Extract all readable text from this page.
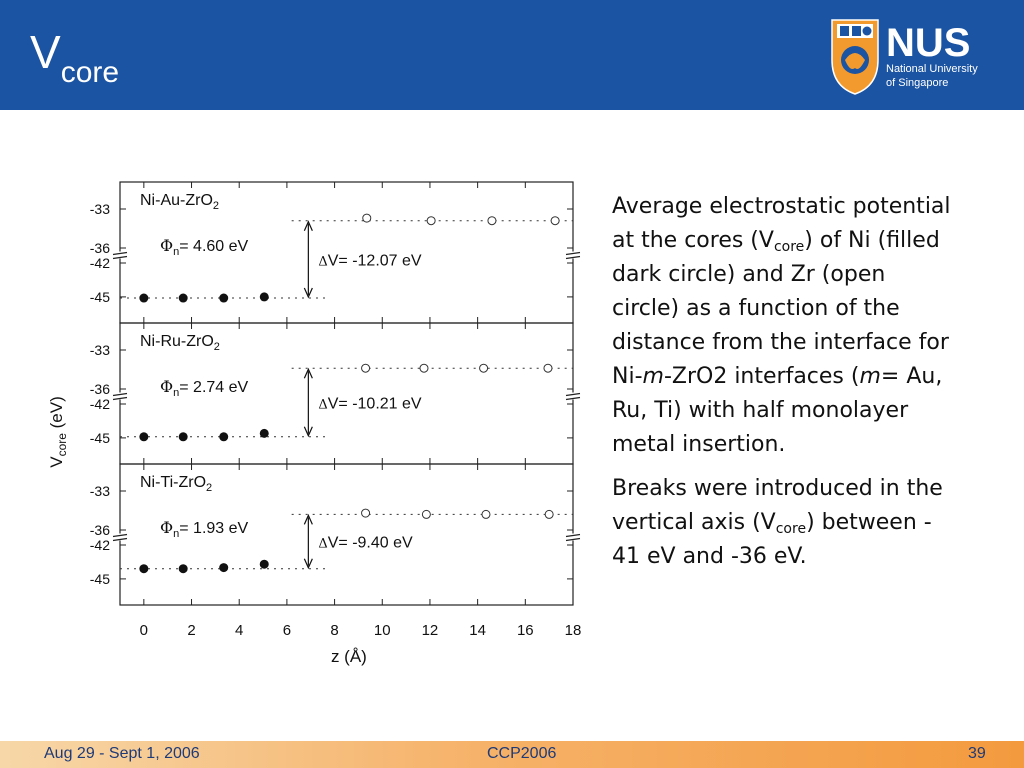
$V_{core}$
NUS
National University
of Singapore
-33
-36
-42
-45
Ni-Au-ZrO$_2$
$\Phi_n= 4.60$ eV
ΔV= -12.07 eV
-33
-36
-42
-45
Ni-Ru-ZrO$_2$
$\Phi_n= 2.74$ eV
ΔV= -10.21 eV
-33
-36
-42
-45
Ni-Ti-ZrO$_2$
$\Phi_n= 1.93$ eV
ΔV= -9.40 eV
0	2	4	6	8 10 12 14 16 18
z (Å)
$V_{core}$ (eV)

Average electrostatic potential at the cores $(V_{core})$ of Ni (filled dark circle) and Zr (open circle) as a function of the distance from the interface for Ni-m-ZrO2 interfaces (m= Au, Ru, Ti) with half monolayer metal insertion.

Breaks were introduced in the vertical axis $(V_{core})$ between - 41 eV and -36 eV.

Aug 29 - Sept 1, 2006	CCP2006	39
